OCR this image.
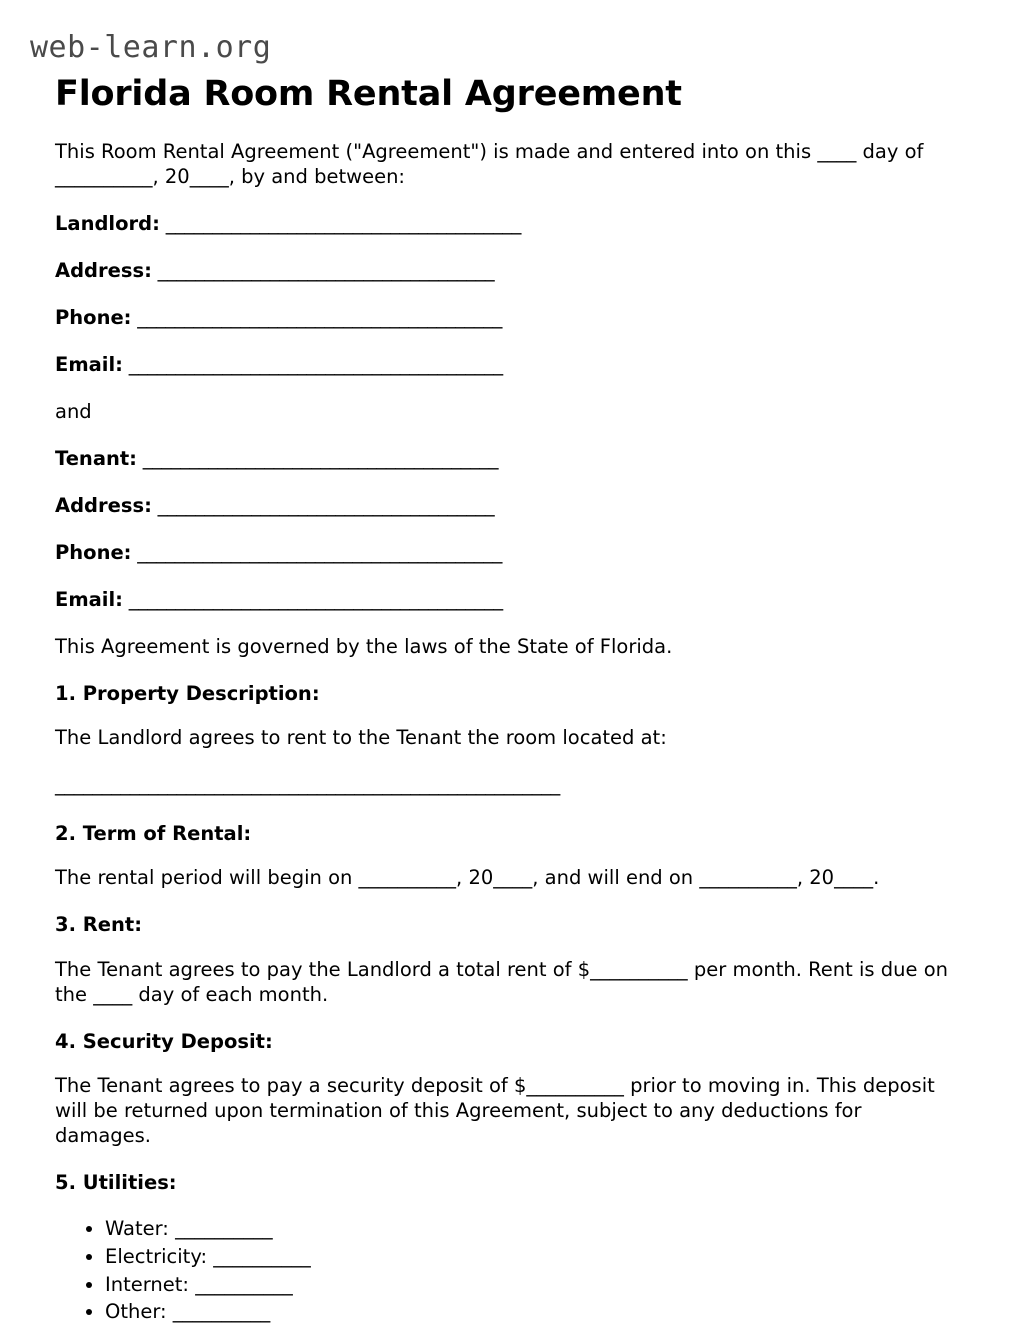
web-learn.org
Florida Room Rental Agreement

This Room Rental Agreement ("Agreement") is made and entered into on this ____ day of __________, 20____, by and between:

Landlord: ______________________________________

Address: ____________________________________

Phone: _______________________________________

Email: ________________________________________

and

Tenant: ______________________________________

Address: ____________________________________

Phone: _______________________________________

Email: ________________________________________

This Agreement is governed by the laws of the State of Florida.

1. Property Description:

The Landlord agrees to rent to the Tenant the room located at:

______________________________________________________

2. Term of Rental:

The rental period will begin on __________, 20____, and will end on __________, 20____.

3. Rent:

The Tenant agrees to pay the Landlord a total rent of $__________ per month. Rent is due on the ____ day of each month.

4. Security Deposit:

The Tenant agrees to pay a security deposit of $__________ prior to moving in. This deposit will be returned upon termination of this Agreement, subject to any deductions for damages.

5. Utilities:
• Water: __________
• Electricity: __________
• Internet: __________
• Other: __________
